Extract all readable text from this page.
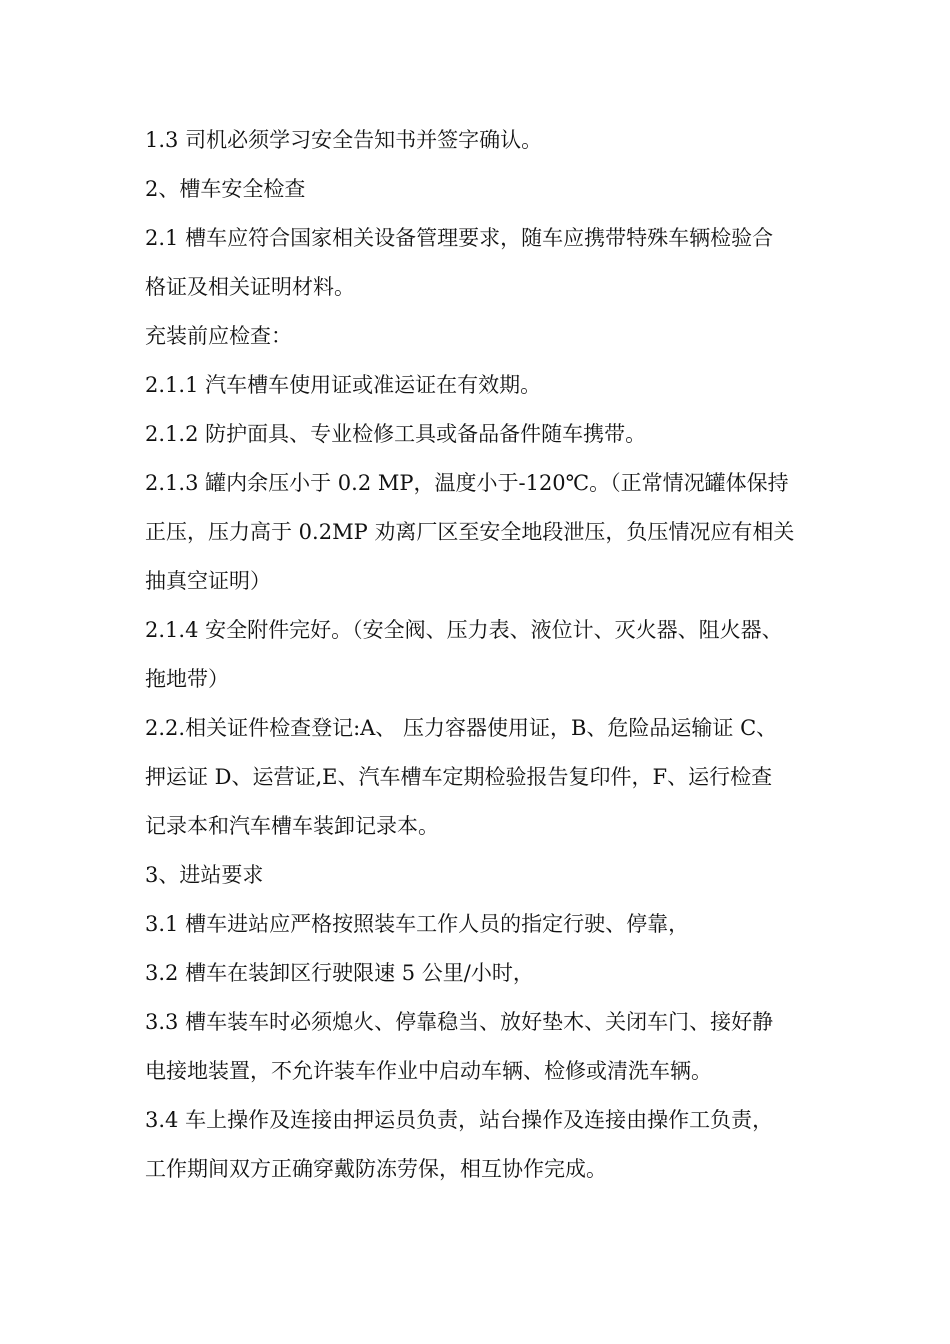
1.3 司机必须学习安全告知书并签字确认。
2、槽车安全检查
2.1 槽车应符合国家相关设备管理要求，随车应携带特殊车辆检验合
格证及相关证明材料。
充装前应检查：
2.1.1 汽车槽车使用证或准运证在有效期。
2.1.2 防护面具、专业检修工具或备品备件随车携带。
2.1.3 罐内余压小于 0.2 MP，温度小于-120℃。（正常情况罐体保持
正压，压力高于 0.2MP 劝离厂区至安全地段泄压，负压情况应有相关
抽真空证明）
2.1.4 安全附件完好。（安全阀、压力表、液位计、灭火器、阻火器、
拖地带）
2.2.相关证件检查登记:A、 压力容器使用证，B、危险品运输证 C、
押运证 D、运营证,E、汽车槽车定期检验报告复印件，F、运行检查
记录本和汽车槽车装卸记录本。
3、进站要求
3.1 槽车进站应严格按照装车工作人员的指定行驶、停靠，
3.2 槽车在装卸区行驶限速 5 公里/小时，
3.3 槽车装车时必须熄火、停靠稳当、放好垫木、关闭车门、接好静
电接地装置，不允许装车作业中启动车辆、检修或清洗车辆。
3.4 车上操作及连接由押运员负责，站台操作及连接由操作工负责，
工作期间双方正确穿戴防冻劳保，相互协作完成。
